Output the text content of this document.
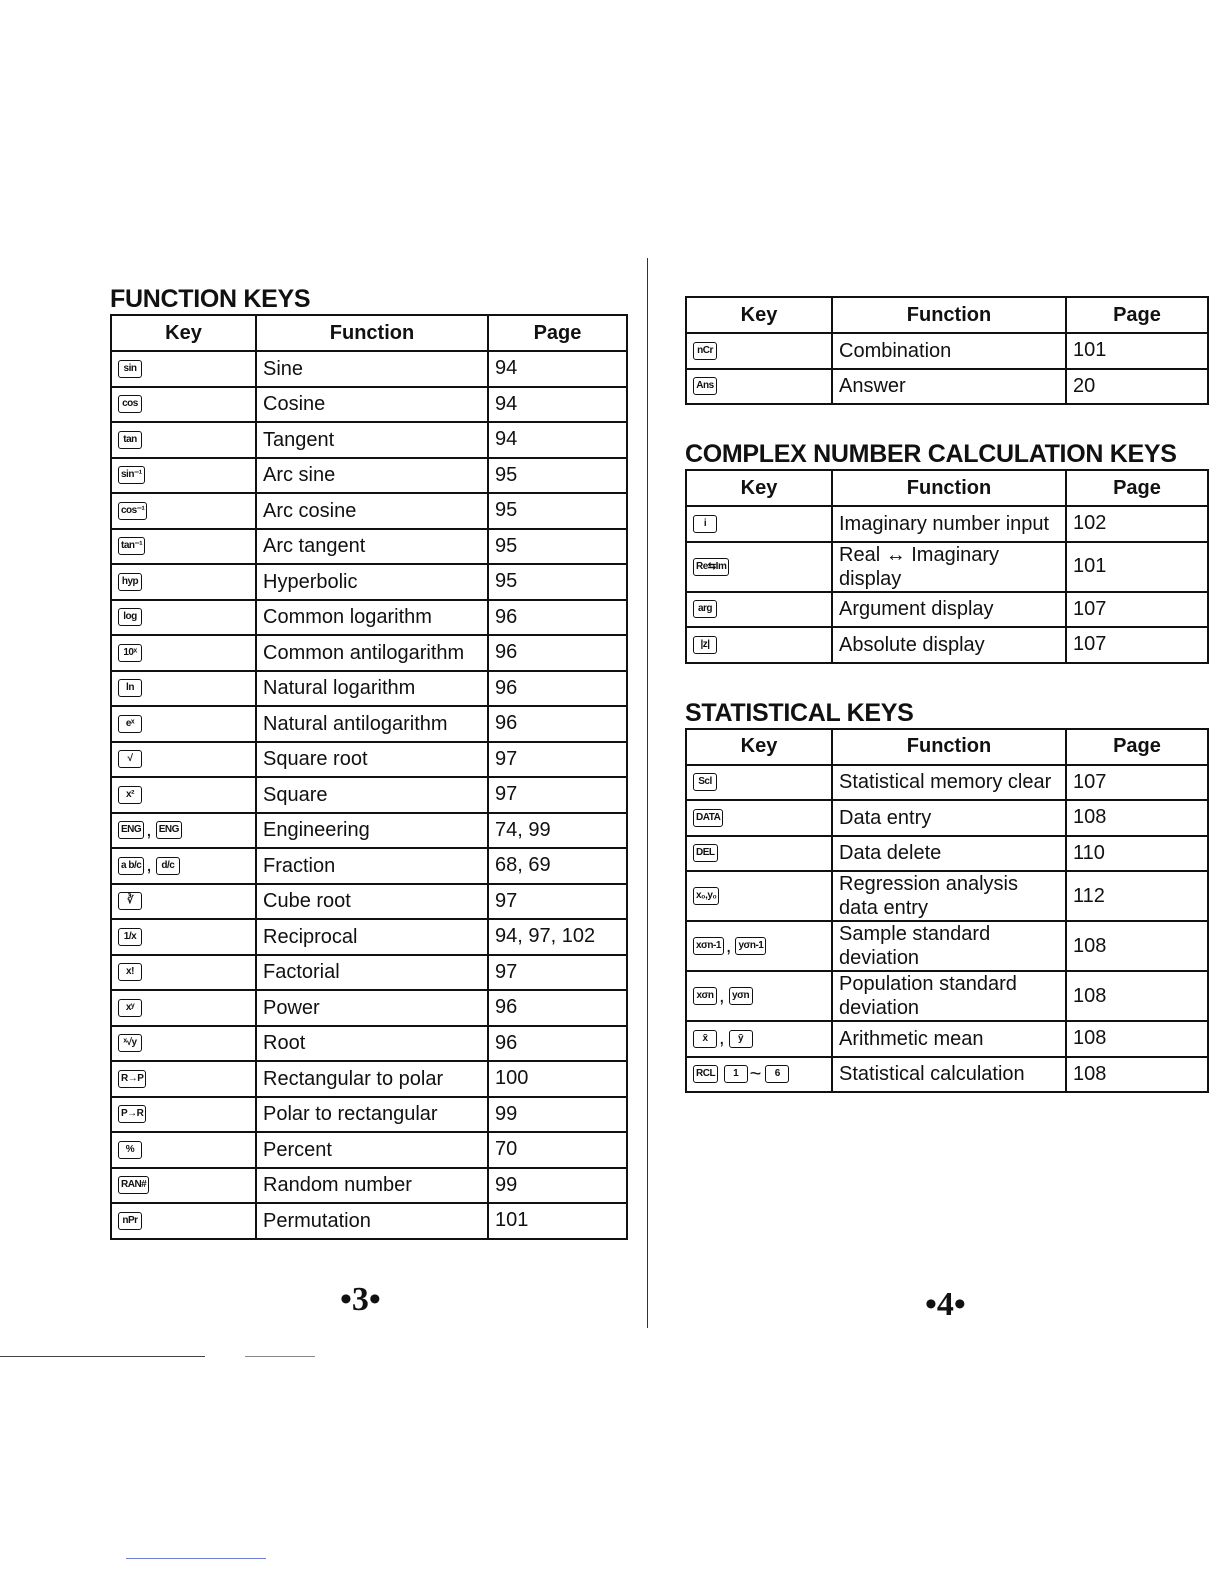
FUNCTION KEYS
Key	Function	Page
sin	Sine	94
cos	Cosine	94
tan	Tangent	94
sin⁻¹	Arc sine	95
cos⁻¹	Arc cosine	95
tan⁻¹	Arc tangent	95
hyp	Hyperbolic	95
log	Common logarithm	96
10ˣ	Common antilogarithm	96
ln	Natural logarithm	96
eˣ	Natural antilogarithm	96
√	Square root	97
x²	Square	97
ENG , ENG	Engineering	74, 99
a b/c , d/c	Fraction	68, 69
∛	Cube root	97
1/x	Reciprocal	94, 97, 102
x!	Factorial	97
xʸ	Power	96
ˣ√y	Root	96
R→P	Rectangular to polar	100
P→R	Polar to rectangular	99
%	Percent	70
RAN#	Random number	99
nPr	Permutation	101
•3•
Key	Function	Page
nCr	Combination	101
Ans	Answer	20
COMPLEX NUMBER CALCULATION KEYS
Key	Function	Page
i	Imaginary number input	102
Re⇆Im	Real ↔ Imaginary display	101
arg	Argument display	107
|z|	Absolute display	107
STATISTICAL KEYS
Key	Function	Page
Scl	Statistical memory clear	107
DATA	Data entry	108
DEL	Data delete	110
x₀,y₀	Regression analysis data entry	112
xσn-1 , yσn-1	Sample standard deviation	108
xσn , yσn	Population standard deviation	108
x̄ , ȳ	Arithmetic mean	108
RCL 1 ~ 6	Statistical calculation	108
•4•
